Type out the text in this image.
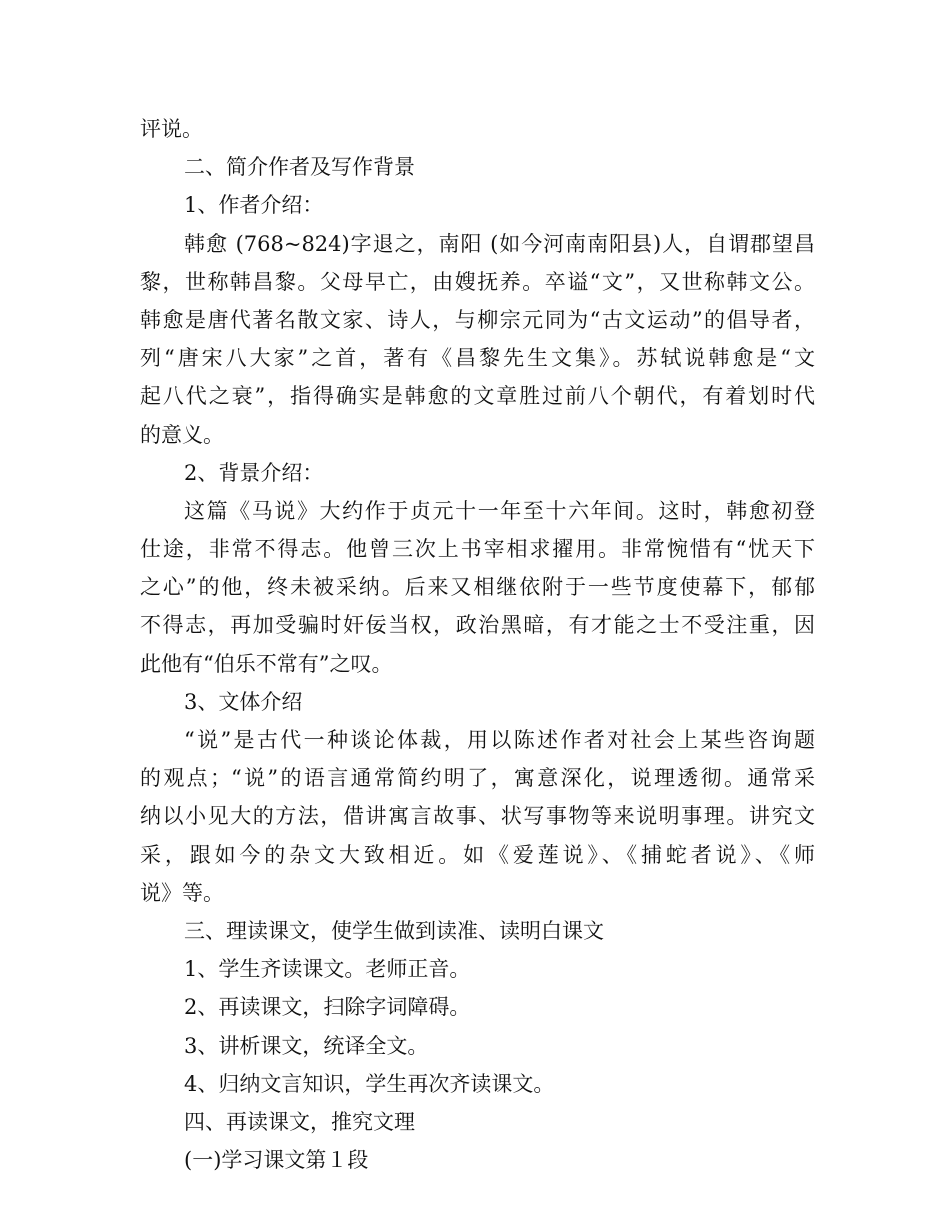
评说。
二、简介作者及写作背景
1、作者介绍：
韩愈 (768~824)字退之，南阳 (如今河南南阳县)人，自谓郡望昌
黎，世称韩昌黎。父母早亡，由嫂抚养。卒谥“文”，又世称韩文公。
韩愈是唐代著名散文家、诗人，与柳宗元同为“古文运动”的倡导者，
列“唐宋八大家”之首，著有《昌黎先生文集》。苏轼说韩愈是“文
起八代之衰”，指得确实是韩愈的文章胜过前八个朝代，有着划时代
的意义。
2、背景介绍：
这篇《马说》大约作于贞元十一年至十六年间。这时，韩愈初登
仕途，非常不得志。他曾三次上书宰相求擢用。非常惋惜有“忧天下
之心”的他，终未被采纳。后来又相继依附于一些节度使幕下，郁郁
不得志，再加受骗时奸佞当权，政治黑暗，有才能之士不受注重，因
此他有“伯乐不常有”之叹。
3、文体介绍
“说”是古代一种谈论体裁，用以陈述作者对社会上某些咨询题
的观点；“说”的语言通常简约明了，寓意深化，说理透彻。通常采
纳以小见大的方法，借讲寓言故事、状写事物等来说明事理。讲究文
采，跟如今的杂文大致相近。如《爱莲说》、《捕蛇者说》、《师
说》等。
三、理读课文，使学生做到读准、读明白课文
1、学生齐读课文。老师正音。
2、再读课文，扫除字词障碍。
3、讲析课文，统译全文。
4、归纳文言知识，学生再次齐读课文。
四、再读课文，推究文理
(一)学习课文第１段
